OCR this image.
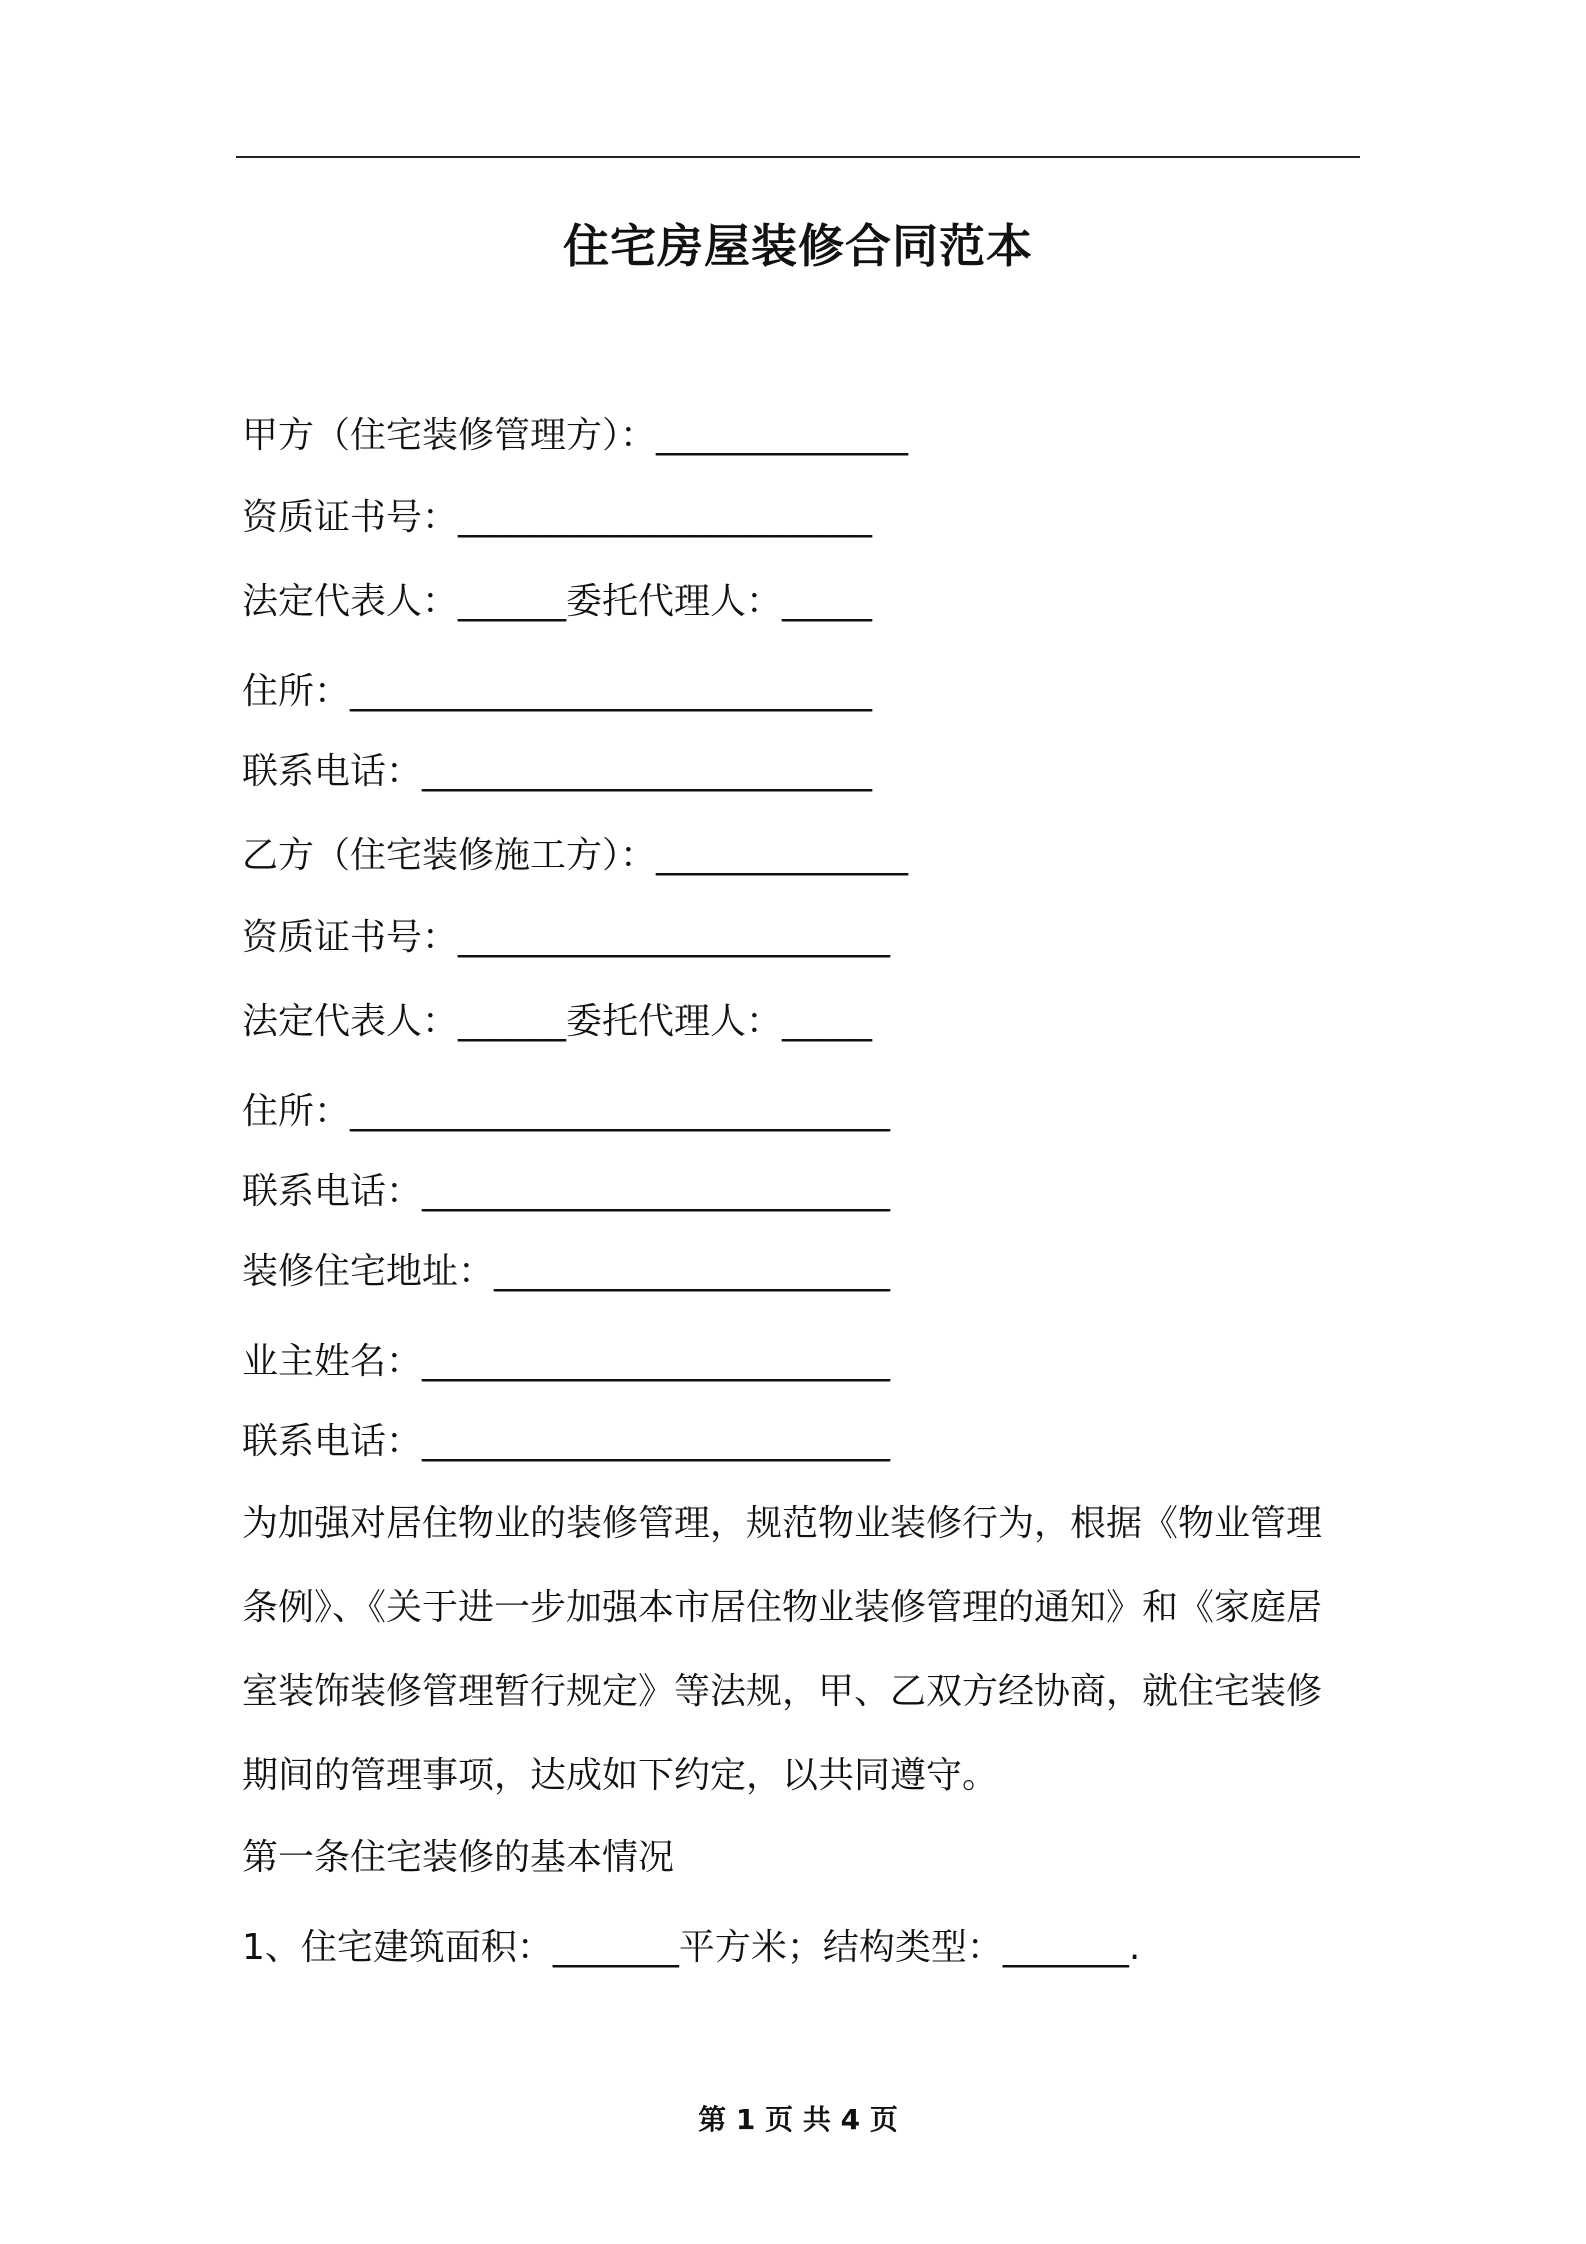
住宅房屋装修合同范本
甲方（住宅装修管理方）：______________
资质证书号：_______________________
法定代表人：______委托代理人：_____
住所：_____________________________
联系电话：_________________________
乙方（住宅装修施工方）：______________
资质证书号：________________________
法定代表人：______委托代理人：_____
住所：______________________________
联系电话：__________________________
装修住宅地址：______________________
业主姓名：__________________________
联系电话：__________________________
为加强对居住物业的装修管理，规范物业装修行为，根据《物业管理
条例》、《关于进一步加强本市居住物业装修管理的通知》和《家庭居
室装饰装修管理暂行规定》等法规，甲、乙双方经协商，就住宅装修
期间的管理事项，达成如下约定，以共同遵守。
第一条住宅装修的基本情况
1、住宅建筑面积：_______平方米；结构类型：_______.
第 1 页 共 4 页
